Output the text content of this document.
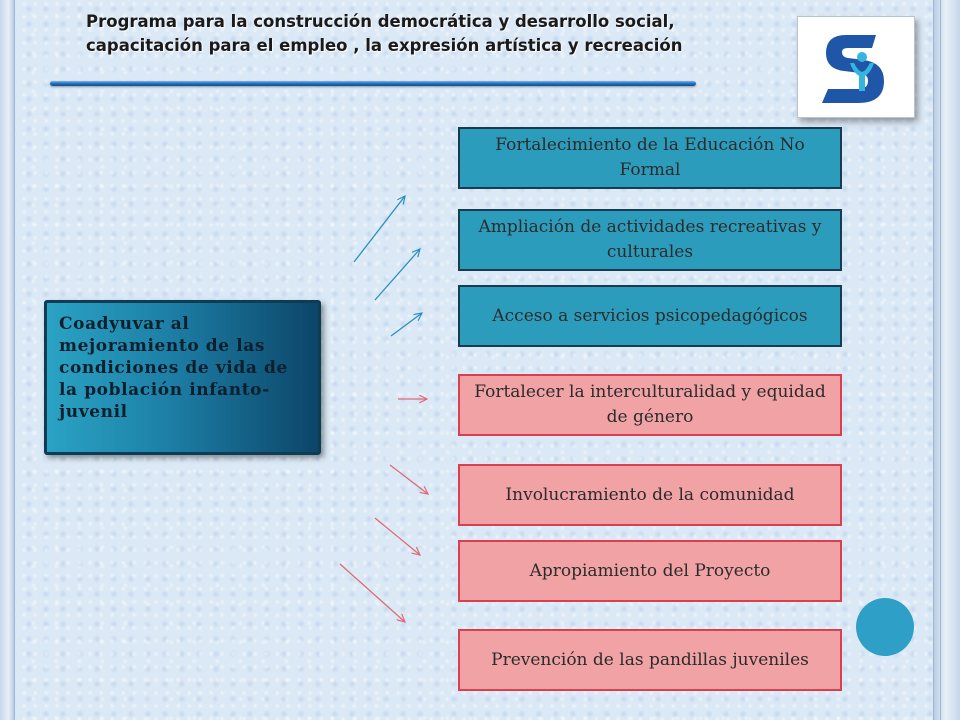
Programa para la construcción democrática y desarrollo social,
capacitación para el empleo , la expresión artística y recreación
Coadyuvar al mejoramiento de las condiciones de vida de la población infanto-juvenil
Fortalecimiento de la Educación No Formal
Ampliación de actividades recreativas y culturales
Acceso a servicios psicopedagógicos
Fortalecer la interculturalidad y equidad de género
Involucramiento de la comunidad
Apropiamiento del Proyecto
Prevención de las pandillas juveniles
